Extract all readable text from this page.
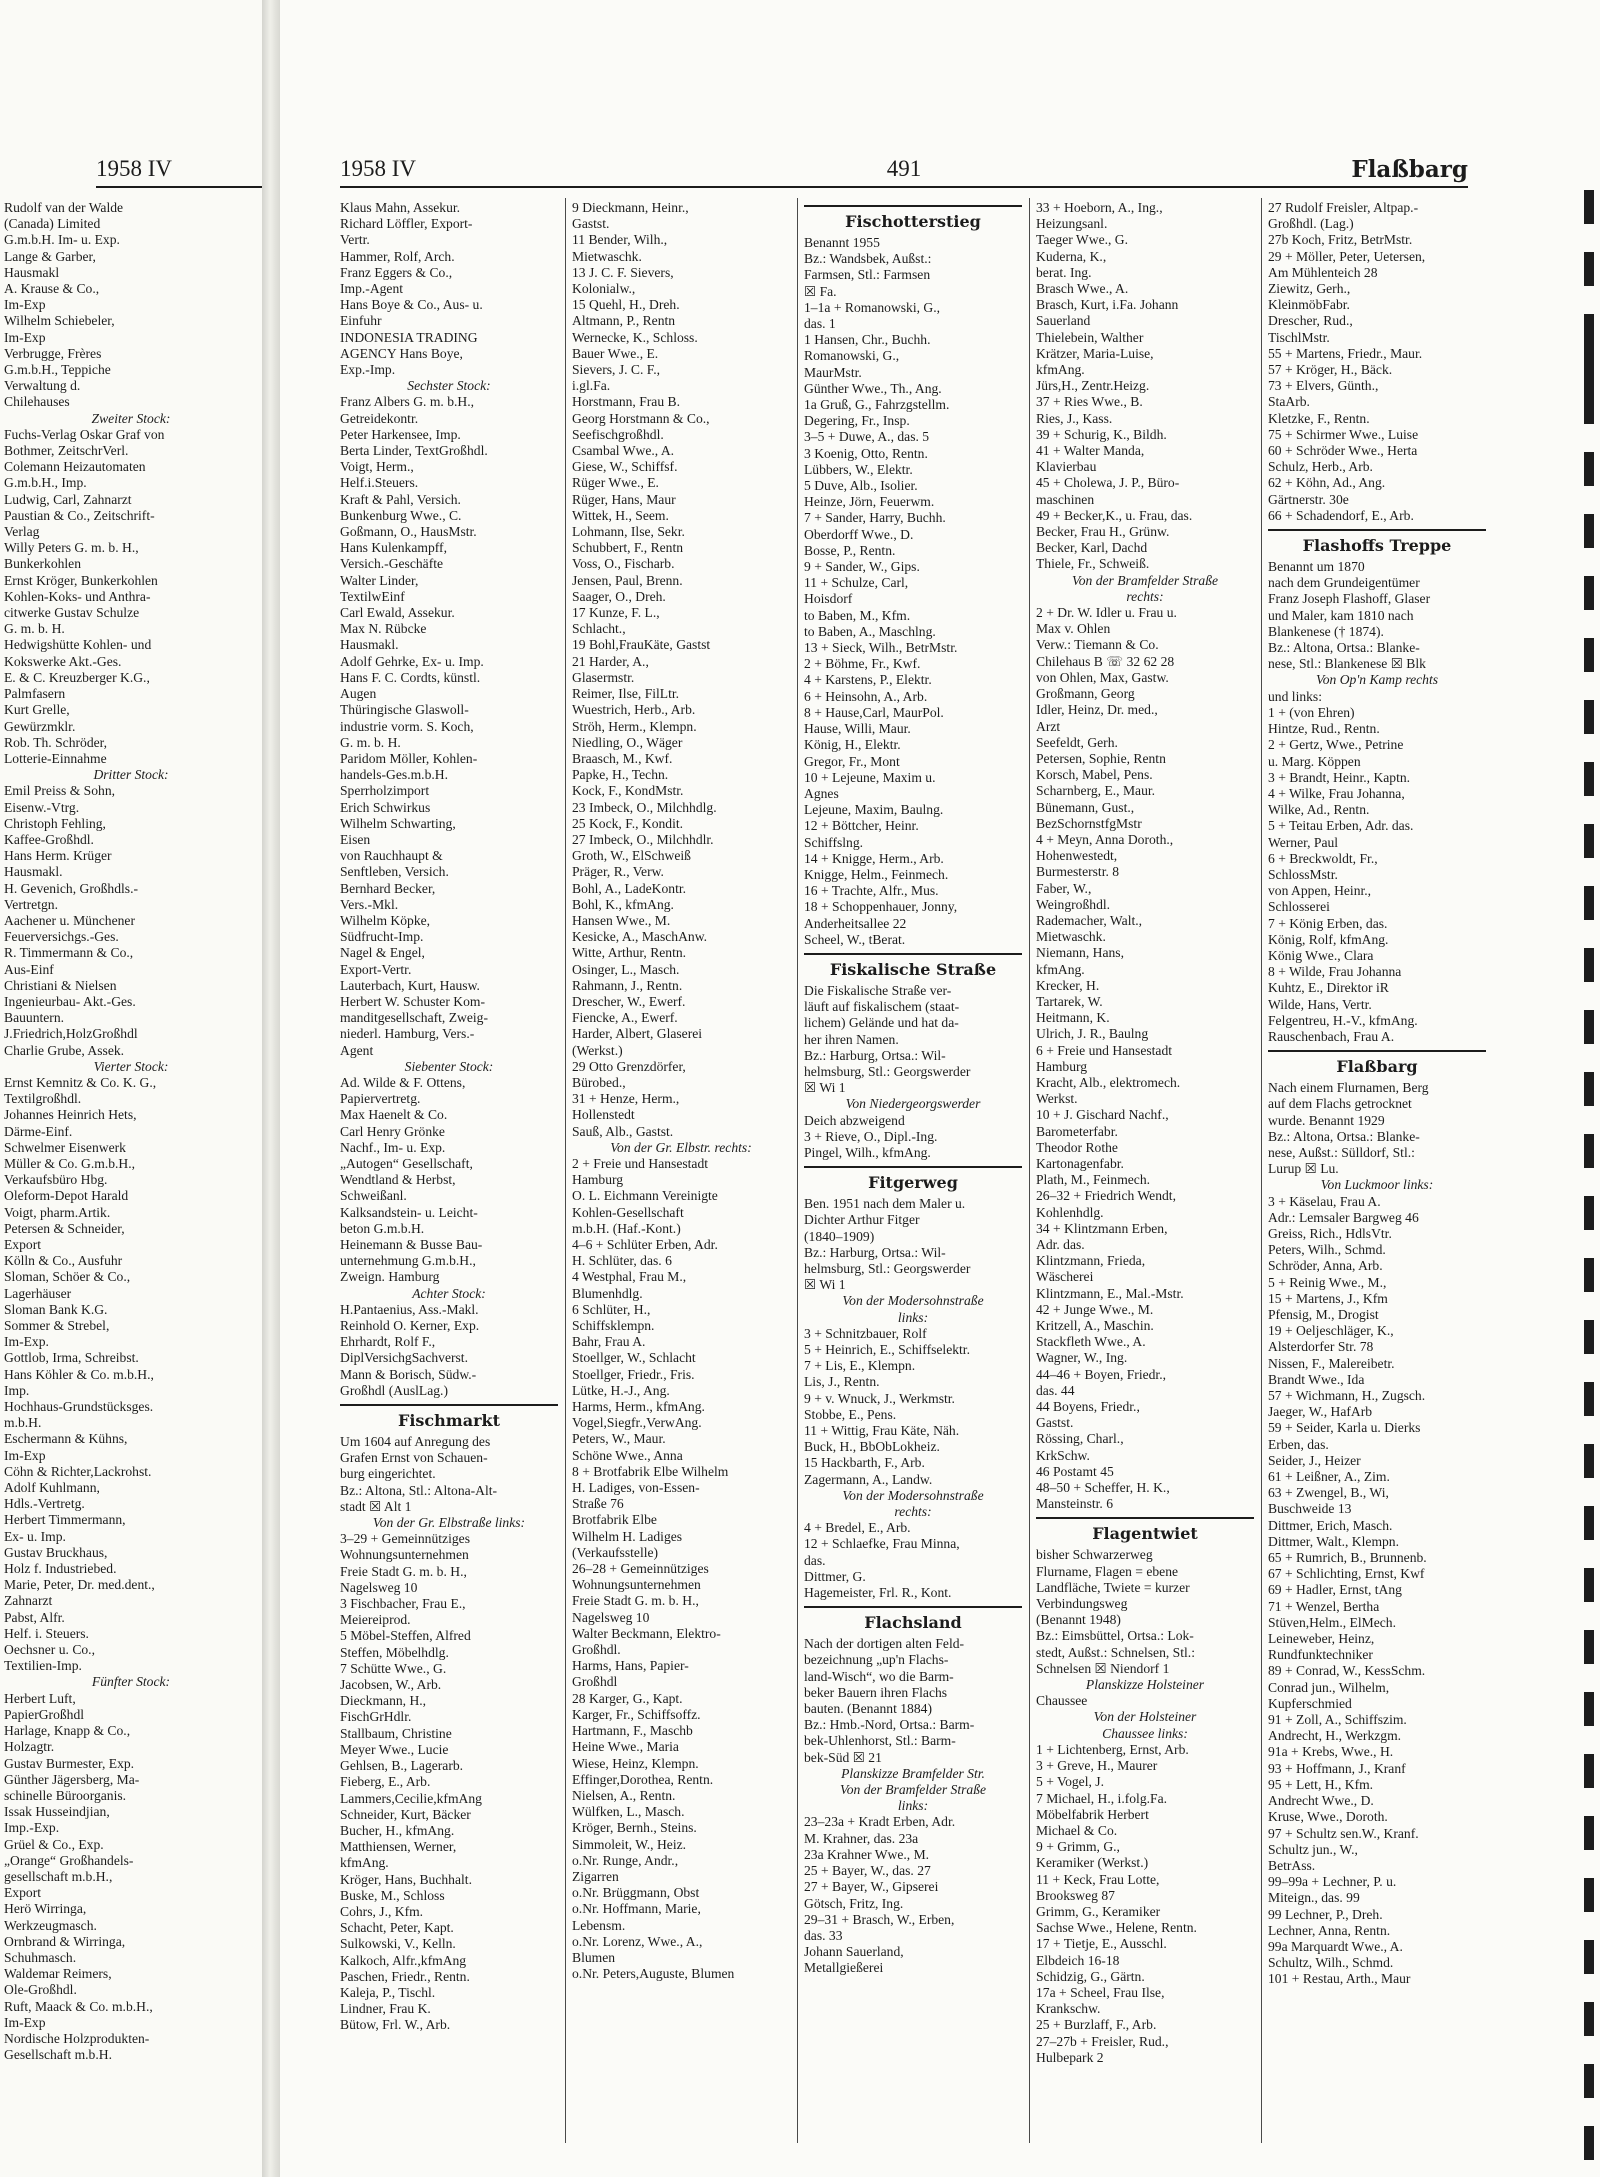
1958 IV
Rudolf van der Walde
(Canada) Limited
G.m.b.H. Im- u. Exp.
Lange & Garber,
Hausmakl
A. Krause & Co.,
Im-Exp
Wilhelm Schiebeler,
Im-Exp
Verbrugge, Frères
G.m.b.H., Teppiche
Verwaltung d.
Chilehauses
Zweiter Stock:
Fuchs-Verlag Oskar Graf von
Bothmer, ZeitschrVerl.
Colemann Heizautomaten
G.m.b.H., Imp.
Ludwig, Carl, Zahnarzt
Paustian & Co., Zeitschrift-
Verlag
Willy Peters G. m. b. H.,
Bunkerkohlen
Ernst Kröger, Bunkerkohlen
Kohlen-Koks- und Anthra-
citwerke Gustav Schulze
G. m. b. H.
Hedwigshütte Kohlen- und
Kokswerke Akt.-Ges.
E. & C. Kreuzberger K.G.,
Palmfasern
Kurt Grelle,
Gewürzmklr.
Rob. Th. Schröder,
Lotterie-Einnahme
Dritter Stock:
Emil Preiss & Sohn,
Eisenw.-Vtrg.
Christoph Fehling,
Kaffee-Großhdl.
Hans Herm. Krüger
Hausmakl.
H. Gevenich, Großhdls.-
Vertretgn.
Aachener u. Münchener
Feuerversichgs.-Ges.
R. Timmermann & Co.,
Aus-Einf
Christiani & Nielsen
Ingenieurbau- Akt.-Ges.
Bauuntern.
J.Friedrich,HolzGroßhdl
Charlie Grube, Assek.
Vierter Stock:
Ernst Kemnitz & Co. K. G.,
Textilgroßhdl.
Johannes Heinrich Hets,
Därme-Einf.
Schwelmer Eisenwerk
Müller & Co. G.m.b.H.,
Verkaufsbüro Hbg.
Oleform-Depot Harald
Voigt, pharm.Artik.
Petersen & Schneider,
Export
Kölln & Co., Ausfuhr
Sloman, Schöer & Co.,
Lagerhäuser
Sloman Bank K.G.
Sommer & Strebel,
Im-Exp.
Gottlob, Irma, Schreibst.
Hans Köhler & Co. m.b.H.,
Imp.
Hochhaus-Grundstücksges.
m.b.H.
Eschermann & Kühns,
Im-Exp
Cöhn & Richter,Lackrohst.
Adolf Kuhlmann,
Hdls.-Vertretg.
Herbert Timmermann,
Ex- u. Imp.
Gustav Bruckhaus,
Holz f. Industriebed.
Marie, Peter, Dr. med.dent.,
Zahnarzt
Pabst, Alfr.
Helf. i. Steuers.
Oechsner u. Co.,
Textilien-Imp.
Fünfter Stock:
Herbert Luft,
PapierGroßhdl
Harlage, Knapp & Co.,
Holzagtr.
Gustav Burmester, Exp.
Günther Jägersberg, Ma-
schinelle Büroorganis.
Issak Husseindjian,
Imp.-Exp.
Grüel & Co., Exp.
„Orange“ Großhandels-
gesellschaft m.b.H.,
Export
Herö Wirringa,
Werkzeugmasch.
Ornbrand & Wirringa,
Schuhmasch.
Waldemar Reimers,
Ole-Großhdl.
Ruft, Maack & Co. m.b.H.,
Im-Exp
Nordische Holzprodukten-
Gesellschaft m.b.H.
1958 IV	491	Flaßbarg
Klaus Mahn, Assekur.
Richard Löffler, Export-
Vertr.
Hammer, Rolf, Arch.
Franz Eggers & Co.,
Imp.-Agent
Hans Boye & Co., Aus- u.
Einfuhr
INDONESIA TRADING
AGENCY Hans Boye,
Exp.-Imp.
Sechster Stock:
Franz Albers G. m. b.H.,
Getreidekontr.
Peter Harkensee, Imp.
Berta Linder, TextGroßhdl.
Voigt, Herm.,
Helf.i.Steuers.
Kraft & Pahl, Versich.
Bunkenburg Wwe., C.
Goßmann, O., HausMstr.
Hans Kulenkampff,
Versich.-Geschäfte
Walter Linder,
TextilwEinf
Carl Ewald, Assekur.
Max N. Rübcke
Hausmakl.
Adolf Gehrke, Ex- u. Imp.
Hans F. C. Cordts, künstl.
Augen
Thüringische Glaswoll-
industrie vorm. S. Koch,
G. m. b. H.
Paridom Möller, Kohlen-
handels-Ges.m.b.H.
Sperrholzimport
Erich Schwirkus
Wilhelm Schwarting,
Eisen
von Rauchhaupt &
Senftleben, Versich.
Bernhard Becker,
Vers.-Mkl.
Wilhelm Köpke,
Südfrucht-Imp.
Nagel & Engel,
Export-Vertr.
Lauterbach, Kurt, Hausw.
Herbert W. Schuster Kom-
manditgesellschaft, Zweig-
niederl. Hamburg, Vers.-
Agent
Siebenter Stock:
Ad. Wilde & F. Ottens,
Papiervertretg.
Max Haenelt & Co.
Carl Henry Grönke
Nachf., Im- u. Exp.
„Autogen“ Gesellschaft,
Wendtland & Herbst,
Schweißanl.
Kalksandstein- u. Leicht-
beton G.m.b.H.
Heinemann & Busse Bau-
unternehmung G.m.b.H.,
Zweign. Hamburg
Achter Stock:
H.Pantaenius, Ass.-Makl.
Reinhold O. Kerner, Exp.
Ehrhardt, Rolf F.,
DiplVersichgSachverst.
Mann & Borisch, Südw.-
Großhdl (AuslLag.)
Fischmarkt
Um 1604 auf Anregung des
Grafen Ernst von Schauen-
burg eingerichtet.
Bz.: Altona, Stl.: Altona-Alt-
stadt ☒ Alt 1
Von der Gr. Elbstraße links:
3–29 + Gemeinnütziges
Wohnungsunternehmen
Freie Stadt G. m. b. H.,
Nagelsweg 10
3 Fischbacher, Frau E.,
Meiereiprod.
5 Möbel-Steffen, Alfred
Steffen, Möbelhdlg.
7 Schütte Wwe., G.
Jacobsen, W., Arb.
Dieckmann, H.,
FischGrHdlr.
Stallbaum, Christine
Meyer Wwe., Lucie
Gehlsen, B., Lagerarb.
Fieberg, E., Arb.
Lammers,Cecilie,kfmAng
Schneider, Kurt, Bäcker
Bucher, H., kfmAng.
Matthiensen, Werner,
kfmAng.
Kröger, Hans, Buchhalt.
Buske, M., Schloss
Cohrs, J., Kfm.
Schacht, Peter, Kapt.
Sulkowski, V., Kelln.
Kalkoch, Alfr.,kfmAng
Paschen, Friedr., Rentn.
Kaleja, P., Tischl.
Lindner, Frau K.
Bütow, Frl. W., Arb.
9 Dieckmann, Heinr.,
Gastst.
11 Bender, Wilh.,
Mietwaschk.
13 J. C. F. Sievers,
Kolonialw.,
15 Quehl, H., Dreh.
Altmann, P., Rentn
Wernecke, K., Schloss.
Bauer Wwe., E.
Sievers, J. C. F.,
i.gl.Fa.
Horstmann, Frau B.
Georg Horstmann & Co.,
Seefischgroßhdl.
Csambal Wwe., A.
Giese, W., Schiffsf.
Rüger Wwe., E.
Rüger, Hans, Maur
Wittek, H., Seem.
Lohmann, Ilse, Sekr.
Schubbert, F., Rentn
Voss, O., Fischarb.
Jensen, Paul, Brenn.
Saager, O., Dreh.
17 Kunze, F. L.,
Schlacht.,
19 Bohl,FrauKäte, Gastst
21 Harder, A.,
Glasermstr.
Reimer, Ilse, FilLtr.
Wuestrich, Herb., Arb.
Ströh, Herm., Klempn.
Niedling, O., Wäger
Braasch, M., Kwf.
Papke, H., Techn.
Kock, F., KondMstr.
23 Imbeck, O., Milchhdlg.
25 Kock, F., Kondit.
27 Imbeck, O., Milchhdlr.
Groth, W., ElSchweiß
Präger, R., Verw.
Bohl, A., LadeKontr.
Bohl, K., kfmAng.
Hansen Wwe., M.
Kesicke, A., MaschAnw.
Witte, Arthur, Rentn.
Osinger, L., Masch.
Rahmann, J., Rentn.
Drescher, W., Ewerf.
Fiencke, A., Ewerf.
Harder, Albert, Glaserei
(Werkst.)
29 Otto Grenzdörfer,
Bürobed.,
31 + Henze, Herm.,
Hollenstedt
Sauß, Alb., Gastst.
Von der Gr. Elbstr. rechts:
2 + Freie und Hansestadt
Hamburg
O. L. Eichmann Vereinigte
Kohlen-Gesellschaft
m.b.H. (Haf.-Kont.)
4–6 + Schlüter Erben, Adr.
H. Schlüter, das. 6
4 Westphal, Frau M.,
Blumenhdlg.
6 Schlüter, H.,
Schiffsklempn.
Bahr, Frau A.
Stoellger, W., Schlacht
Stoellger, Friedr., Fris.
Lütke, H.-J., Ang.
Harms, Herm., kfmAng.
Vogel,Siegfr.,VerwAng.
Peters, W., Maur.
Schöne Wwe., Anna
8 + Brotfabrik Elbe Wilhelm
H. Ladiges, von-Essen-
Straße 76
Brotfabrik Elbe
Wilhelm H. Ladiges
(Verkaufsstelle)
26–28 + Gemeinnütziges
Wohnungsunternehmen
Freie Stadt G. m. b. H.,
Nagelsweg 10
Walter Beckmann, Elektro-
Großhdl.
Harms, Hans, Papier-
Großhdl
28 Karger, G., Kapt.
Karger, Fr., Schiffsoffz.
Hartmann, F., Maschb
Heine Wwe., Maria
Wiese, Heinz, Klempn.
Effinger,Dorothea, Rentn.
Nielsen, A., Rentn.
Wülfken, L., Masch.
Kröger, Bernh., Steins.
Simmoleit, W., Heiz.
o.Nr. Runge, Andr.,
Zigarren
o.Nr. Brüggmann, Obst
o.Nr. Hoffmann, Marie,
Lebensm.
o.Nr. Lorenz, Wwe., A.,
Blumen
o.Nr. Peters,Auguste, Blumen
Fischotterstieg
Benannt 1955
Bz.: Wandsbek, Außst.:
Farmsen, Stl.: Farmsen
☒ Fa.
1–1a + Romanowski, G.,
das. 1
1 Hansen, Chr., Buchh.
Romanowski, G.,
MaurMstr.
Günther Wwe., Th., Ang.
1a Gruß, G., Fahrzgstellm.
Degering, Fr., Insp.
3–5 + Duwe, A., das. 5
3 Koenig, Otto, Rentn.
Lübbers, W., Elektr.
5 Duve, Alb., Isolier.
Heinze, Jörn, Feuerwm.
7 + Sander, Harry, Buchh.
Oberdorff Wwe., D.
Bosse, P., Rentn.
9 + Sander, W., Gips.
11 + Schulze, Carl,
Hoisdorf
to Baben, M., Kfm.
to Baben, A., Maschlng.
13 + Sieck, Wilh., BetrMstr.
2 + Böhme, Fr., Kwf.
4 + Karstens, P., Elektr.
6 + Heinsohn, A., Arb.
8 + Hause,Carl, MaurPol.
Hause, Willi, Maur.
König, H., Elektr.
Gregor, Fr., Mont
10 + Lejeune, Maxim u.
Agnes
Lejeune, Maxim, Baulng.
12 + Böttcher, Heinr.
Schiffslng.
14 + Knigge, Herm., Arb.
Knigge, Helm., Feinmech.
16 + Trachte, Alfr., Mus.
18 + Schoppenhauer, Jonny,
Anderheitsallee 22
Scheel, W., tBerat.
Fiskalische Straße
Die Fiskalische Straße ver-
läuft auf fiskalischem (staat-
lichem) Gelände und hat da-
her ihren Namen.
Bz.: Harburg, Ortsa.: Wil-
helmsburg, Stl.: Georgswerder
☒ Wi 1
Von Niedergeorgswerder
Deich abzweigend
3 + Rieve, O., Dipl.-Ing.
Pingel, Wilh., kfmAng.
Fitgerweg
Ben. 1951 nach dem Maler u.
Dichter Arthur Fitger
(1840–1909)
Bz.: Harburg, Ortsa.: Wil-
helmsburg, Stl.: Georgswerder
☒ Wi 1
Von der Modersohnstraße
links:
3 + Schnitzbauer, Rolf
5 + Heinrich, E., Schiffselektr.
7 + Lis, E., Klempn.
Lis, J., Rentn.
9 + v. Wnuck, J., Werkmstr.
Stobbe, E., Pens.
11 + Wittig, Frau Käte, Näh.
Buck, H., BbObLokheiz.
15 Hackbarth, F., Arb.
Zagermann, A., Landw.
Von der Modersohnstraße
rechts:
4 + Bredel, E., Arb.
12 + Schlaefke, Frau Minna,
das.
Dittmer, G.
Hagemeister, Frl. R., Kont.
Flachsland
Nach der dortigen alten Feld-
bezeichnung „up'n Flachs-
land-Wisch“, wo die Barm-
beker Bauern ihren Flachs
bauten. (Benannt 1884)
Bz.: Hmb.-Nord, Ortsa.: Barm-
bek-Uhlenhorst, Stl.: Barm-
bek-Süd ☒ 21
Planskizze Bramfelder Str.
Von der Bramfelder Straße
links:
23–23a + Kradt Erben, Adr.
M. Krahner, das. 23a
23a Krahner Wwe., M.
25 + Bayer, W., das. 27
27 + Bayer, W., Gipserei
Götsch, Fritz, Ing.
29–31 + Brasch, W., Erben,
das. 33
Johann Sauerland,
Metallgießerei
33 + Hoeborn, A., Ing.,
Heizungsanl.
Taeger Wwe., G.
Kuderna, K.,
berat. Ing.
Brasch Wwe., A.
Brasch, Kurt, i.Fa. Johann
Sauerland
Thielebein, Walther
Krätzer, Maria-Luise,
kfmAng.
Jürs,H., Zentr.Heizg.
37 + Ries Wwe., B.
Ries, J., Kass.
39 + Schurig, K., Bildh.
41 + Walter Manda,
Klavierbau
45 + Cholewa, J. P., Büro-
maschinen
49 + Becker,K., u. Frau, das.
Becker, Frau H., Grünw.
Becker, Karl, Dachd
Thiele, Fr., Schweiß.
Von der Bramfelder Straße
rechts:
2 + Dr. W. Idler u. Frau u.
Max v. Ohlen
Verw.: Tiemann & Co.
Chilehaus B ☏ 32 62 28
von Ohlen, Max, Gastw.
Großmann, Georg
Idler, Heinz, Dr. med.,
Arzt
Seefeldt, Gerh.
Petersen, Sophie, Rentn
Korsch, Mabel, Pens.
Scharnberg, E., Maur.
Bünemann, Gust.,
BezSchornstfgMstr
4 + Meyn, Anna Doroth.,
Hohenwestedt,
Burmesterstr. 8
Faber, W.,
Weingroßhdl.
Rademacher, Walt.,
Mietwaschk.
Niemann, Hans,
kfmAng.
Krecker, H.
Tartarek, W.
Heitmann, K.
Ulrich, J. R., Baulng
6 + Freie und Hansestadt
Hamburg
Kracht, Alb., elektromech.
Werkst.
10 + J. Gischard Nachf.,
Barometerfabr.
Theodor Rothe
Kartonagenfabr.
Plath, M., Feinmech.
26–32 + Friedrich Wendt,
Kohlenhdlg.
34 + Klintzmann Erben,
Adr. das.
Klintzmann, Frieda,
Wäscherei
Klintzmann, E., Mal.-Mstr.
42 + Junge Wwe., M.
Kritzell, A., Maschin.
Stackfleth Wwe., A.
Wagner, W., Ing.
44–46 + Boyen, Friedr.,
das. 44
44 Boyens, Friedr.,
Gastst.
Rössing, Charl.,
KrkSchw.
46 Postamt 45
48–50 + Scheffer, H. K.,
Mansteinstr. 6
Flagentwiet
bisher Schwarzerweg
Flurname, Flagen = ebene
Landfläche, Twiete = kurzer
Verbindungsweg
(Benannt 1948)
Bz.: Eimsbüttel, Ortsa.: Lok-
stedt, Außst.: Schnelsen, Stl.:
Schnelsen ☒ Niendorf 1
Planskizze Holsteiner
Chaussee
Von der Holsteiner
Chaussee links:
1 + Lichtenberg, Ernst, Arb.
3 + Greve, H., Maurer
5 + Vogel, J.
7 Michael, H., i.folg.Fa.
Möbelfabrik Herbert
Michael & Co.
9 + Grimm, G.,
Keramiker (Werkst.)
11 + Keck, Frau Lotte,
Brooksweg 87
Grimm, G., Keramiker
Sachse Wwe., Helene, Rentn.
17 + Tietje, E., Ausschl.
Elbdeich 16-18
Schidzig, G., Gärtn.
17a + Scheel, Frau Ilse,
Krankschw.
25 + Burzlaff, F., Arb.
27–27b + Freisler, Rud.,
Hulbepark 2
27 Rudolf Freisler, Altpap.-
Großhdl. (Lag.)
27b Koch, Fritz, BetrMstr.
29 + Möller, Peter, Uetersen,
Am Mühlenteich 28
Ziewitz, Gerh.,
KleinmöbFabr.
Drescher, Rud.,
TischlMstr.
55 + Martens, Friedr., Maur.
57 + Kröger, H., Bäck.
73 + Elvers, Günth.,
StaArb.
Kletzke, F., Rentn.
75 + Schirmer Wwe., Luise
60 + Schröder Wwe., Herta
Schulz, Herb., Arb.
62 + Köhn, Ad., Ang.
Gärtnerstr. 30e
66 + Schadendorf, E., Arb.
Flashoffs Treppe
Benannt um 1870
nach dem Grundeigentümer
Franz Joseph Flashoff, Glaser
und Maler, kam 1810 nach
Blankenese († 1874).
Bz.: Altona, Ortsa.: Blanke-
nese, Stl.: Blankenese ☒ Blk
Von Op'n Kamp rechts
und links:
1 + (von Ehren)
Hintze, Rud., Rentn.
2 + Gertz, Wwe., Petrine
u. Marg. Köppen
3 + Brandt, Heinr., Kaptn.
4 + Wilke, Frau Johanna,
Wilke, Ad., Rentn.
5 + Teitau Erben, Adr. das.
Werner, Paul
6 + Breckwoldt, Fr.,
SchlossMstr.
von Appen, Heinr.,
Schlosserei
7 + König Erben, das.
König, Rolf, kfmAng.
König Wwe., Clara
8 + Wilde, Frau Johanna
Kuhtz, E., Direktor iR
Wilde, Hans, Vertr.
Felgentreu, H.-V., kfmAng.
Rauschenbach, Frau A.
Flaßbarg
Nach einem Flurnamen, Berg
auf dem Flachs getrocknet
wurde. Benannt 1929
Bz.: Altona, Ortsa.: Blanke-
nese, Außst.: Sülldorf, Stl.:
Lurup ☒ Lu.
Von Luckmoor links:
3 + Käselau, Frau A.
Adr.: Lemsaler Bargweg 46
Greiss, Rich., HdlsVtr.
Peters, Wilh., Schmd.
Schröder, Anna, Arb.
5 + Reinig Wwe., M.,
15 + Martens, J., Kfm
Pfensig, M., Drogist
19 + Oeljeschläger, K.,
Alsterdorfer Str. 78
Nissen, F., Malereibetr.
Brandt Wwe., Ida
57 + Wichmann, H., Zugsch.
Jaeger, W., HafArb
59 + Seider, Karla u. Dierks
Erben, das.
Seider, J., Heizer
61 + Leißner, A., Zim.
63 + Zwengel, B., Wi,
Buschweide 13
Dittmer, Erich, Masch.
Dittmer, Walt., Klempn.
65 + Rumrich, B., Brunnenb.
67 + Schlichting, Ernst, Kwf
69 + Hadler, Ernst, tAng
71 + Wenzel, Bertha
Stüven,Helm., ElMech.
Leineweber, Heinz,
Rundfunktechniker
89 + Conrad, W., KessSchm.
Conrad jun., Wilhelm,
Kupferschmied
91 + Zoll, A., Schiffszim.
Andrecht, H., Werkzgm.
91a + Krebs, Wwe., H.
93 + Hoffmann, J., Kranf
95 + Lett, H., Kfm.
Andrecht Wwe., D.
Kruse, Wwe., Doroth.
97 + Schultz sen.W., Kranf.
Schultz jun., W.,
BetrAss.
99–99a + Lechner, P. u.
Miteign., das. 99
99 Lechner, P., Dreh.
Lechner, Anna, Rentn.
99a Marquardt Wwe., A.
Schultz, Wilh., Schmd.
101 + Restau, Arth., Maur
